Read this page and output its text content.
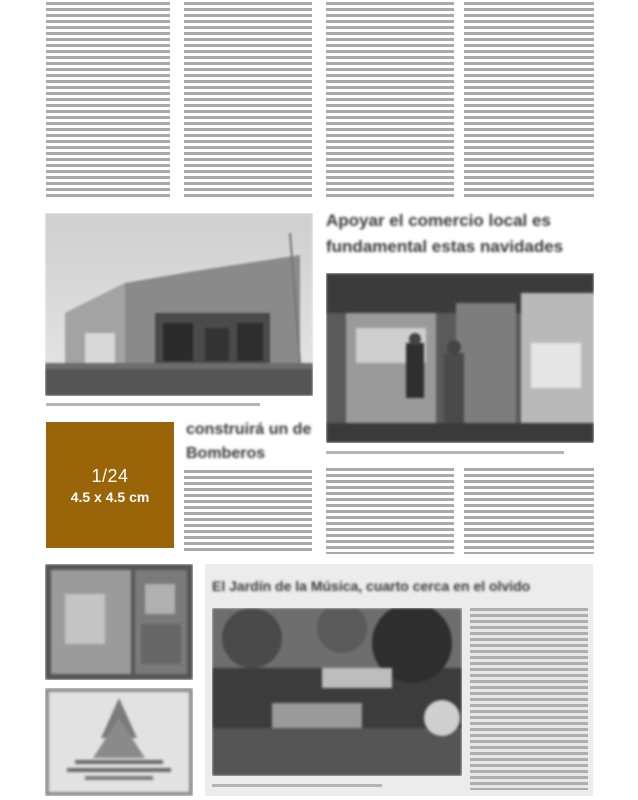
Apoyar el comercio local es fundamental estas navidades
1/24
4.5 x 4.5 cm
construirá un de Bomberos
El Jardín de la Música, cuarto cerca en el olvido
